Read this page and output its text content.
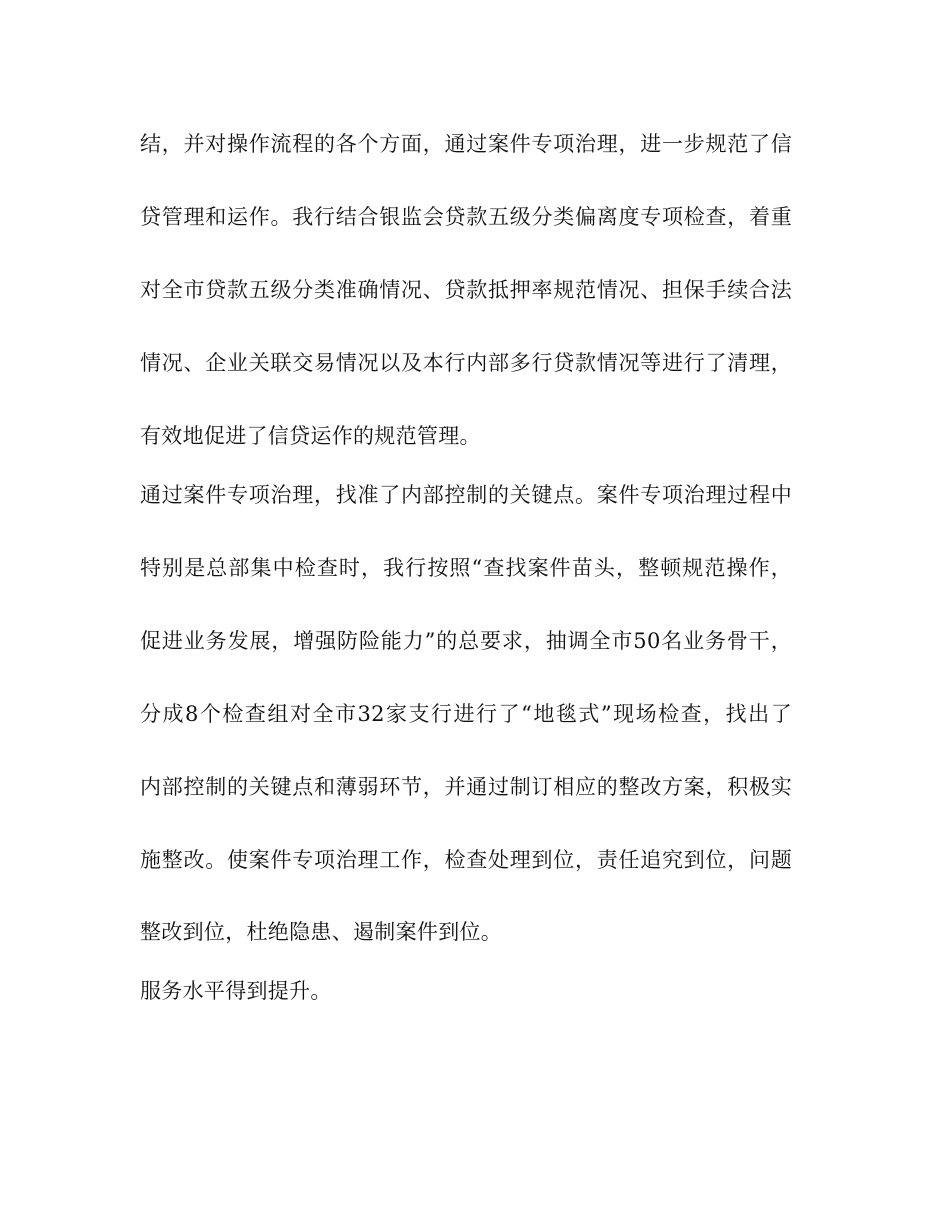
结，并对操作流程的各个方面，通过案件专项治理，进一步规范了信
贷管理和运作。我行结合银监会贷款五级分类偏离度专项检查，着重
对全市贷款五级分类准确情况、贷款抵押率规范情况、担保手续合法
情况、企业关联交易情况以及本行内部多行贷款情况等进行了清理，
有效地促进了信贷运作的规范管理。
通过案件专项治理，找准了内部控制的关键点。案件专项治理过程中
特别是总部集中检查时，我行按照“查找案件苗头，整顿规范操作，
促进业务发展，增强防险能力”的总要求，抽调全市50名业务骨干，
分成8个检查组对全市32家支行进行了“地毯式”现场检查，找出了
内部控制的关键点和薄弱环节，并通过制订相应的整改方案，积极实
施整改。使案件专项治理工作，检查处理到位，责任追究到位，问题
整改到位，杜绝隐患、遏制案件到位。
服务水平得到提升。
